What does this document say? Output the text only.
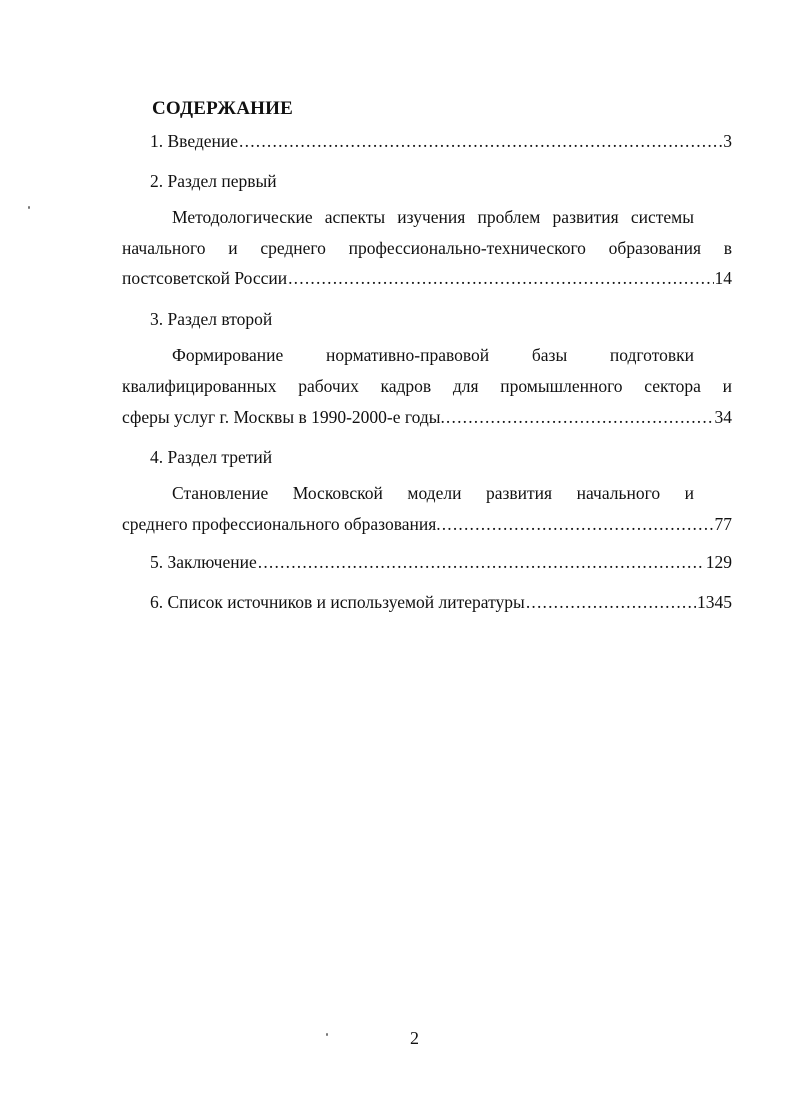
СОДЕРЖАНИЕ
1. Введение .....	3
2. Раздел первый
Методологические аспекты изучения проблем развития системы
начального и среднего профессионально-технического образования в
постсоветской России .....	14
3. Раздел второй
Формирование нормативно-правовой базы подготовки
квалифицированных рабочих кадров для промышленного сектора и
сферы услуг г. Москвы в 1990-2000-е годы. .....	34
4. Раздел третий
Становление Московской модели развития начального и
среднего профессионального образования. .....	77
5. Заключение .....	129
6. Список источников и используемой литературы .....	1345
2
